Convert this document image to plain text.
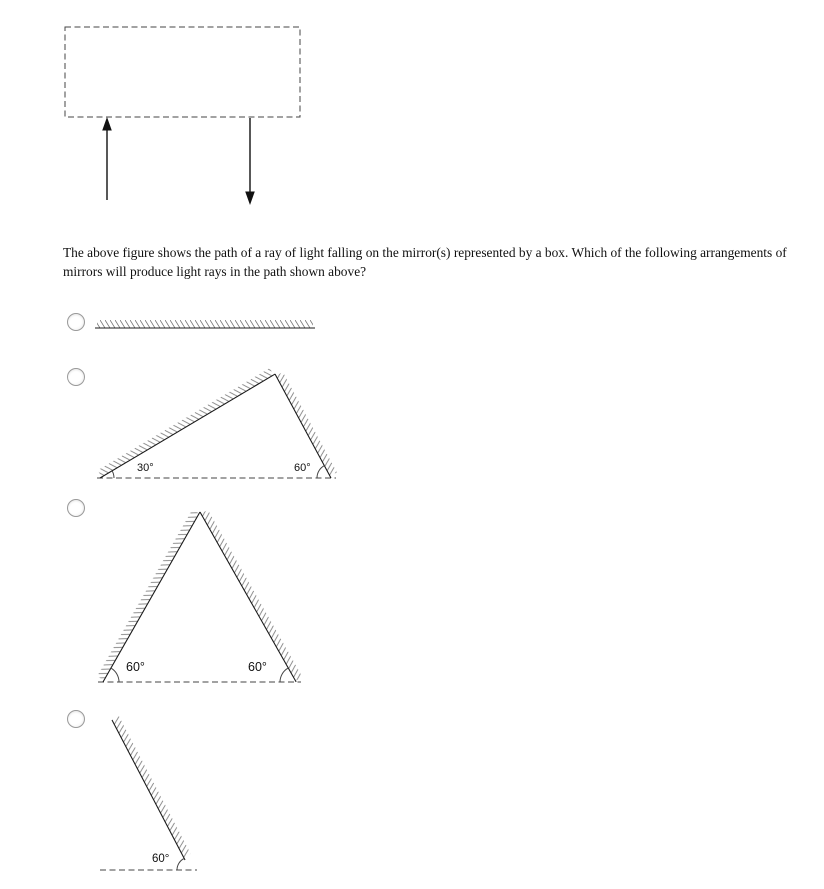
30°	60°
60°	60°
60°
The above figure shows the path of a ray of light falling on the mirror(s) represented by a box. Which of the following arrangements of mirrors will produce light rays in the path shown above?
